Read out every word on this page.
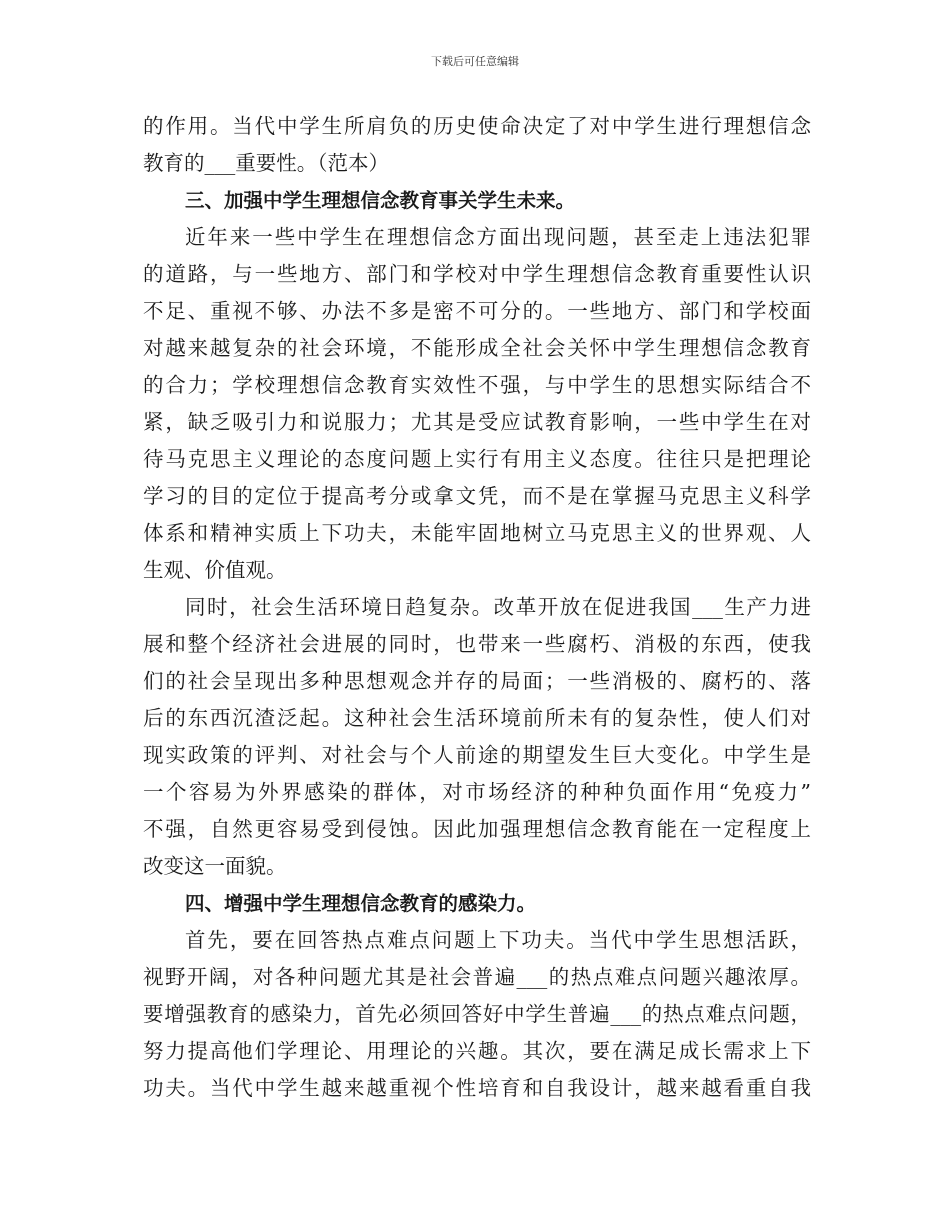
下载后可任意编辑
的作用。当代中学生所肩负的历史使命决定了对中学生进行理想信念
教育的___重要性。（范本）
三、加强中学生理想信念教育事关学生未来。
近年来一些中学生在理想信念方面出现问题，甚至走上违法犯罪
的道路，与一些地方、部门和学校对中学生理想信念教育重要性认识
不足、重视不够、办法不多是密不可分的。一些地方、部门和学校面
对越来越复杂的社会环境，不能形成全社会关怀中学生理想信念教育
的合力；学校理想信念教育实效性不强，与中学生的思想实际结合不
紧，缺乏吸引力和说服力；尤其是受应试教育影响，一些中学生在对
待马克思主义理论的态度问题上实行有用主义态度。往往只是把理论
学习的目的定位于提高考分或拿文凭，而不是在掌握马克思主义科学
体系和精神实质上下功夫，未能牢固地树立马克思主义的世界观、人
生观、价值观。
同时，社会生活环境日趋复杂。改革开放在促进我国___生产力进
展和整个经济社会进展的同时，也带来一些腐朽、消极的东西，使我
们的社会呈现出多种思想观念并存的局面；一些消极的、腐朽的、落
后的东西沉渣泛起。这种社会生活环境前所未有的复杂性，使人们对
现实政策的评判、对社会与个人前途的期望发生巨大变化。中学生是
一个容易为外界感染的群体，对市场经济的种种负面作用“免疫力”
不强，自然更容易受到侵蚀。因此加强理想信念教育能在一定程度上
改变这一面貌。
四、增强中学生理想信念教育的感染力。
首先，要在回答热点难点问题上下功夫。当代中学生思想活跃，
视野开阔，对各种问题尤其是社会普遍___的热点难点问题兴趣浓厚。
要增强教育的感染力，首先必须回答好中学生普遍___的热点难点问题，
努力提高他们学理论、用理论的兴趣。其次，要在满足成长需求上下
功夫。当代中学生越来越重视个性培育和自我设计，越来越看重自我
